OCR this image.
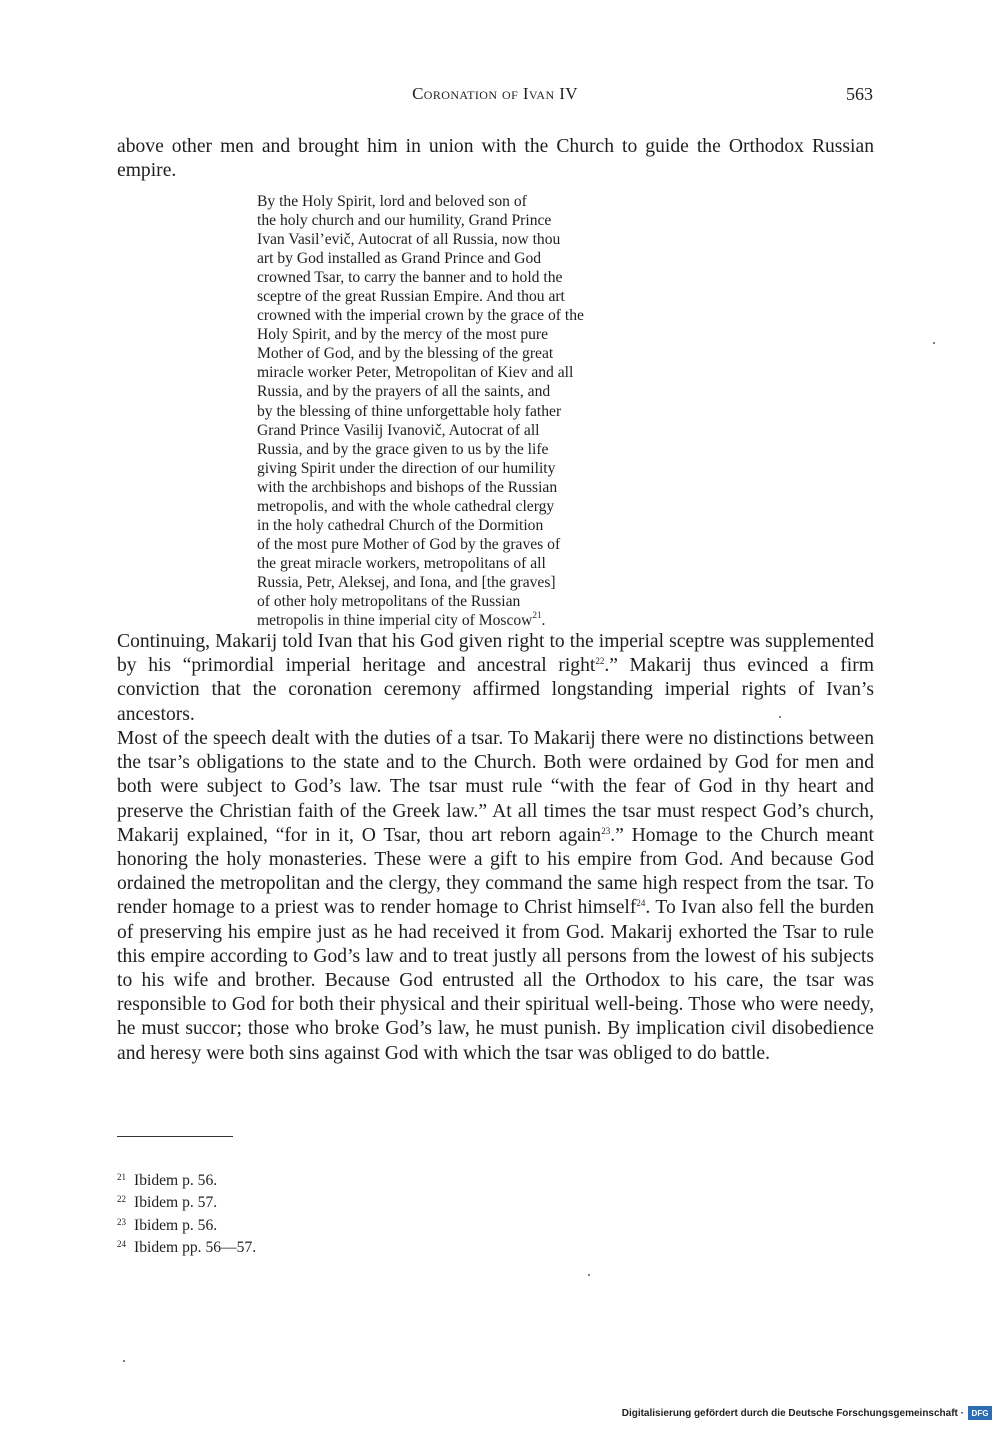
Coronation of Ivan IV	563

above other men and brought him in union with the Church to guide the Orthodox Russian empire.

By the Holy Spirit, lord and beloved son of
the holy church and our humility, Grand Prince
Ivan Vasil’evič, Autocrat of all Russia, now thou
art by God installed as Grand Prince and God
crowned Tsar, to carry the banner and to hold the
sceptre of the great Russian Empire. And thou art
crowned with the imperial crown by the grace of the
Holy Spirit, and by the mercy of the most pure
Mother of God, and by the blessing of the great
miracle worker Peter, Metropolitan of Kiev and all
Russia, and by the prayers of all the saints, and
by the blessing of thine unforgettable holy father
Grand Prince Vasilij Ivanovič, Autocrat of all
Russia, and by the grace given to us by the life
giving Spirit under the direction of our humility
with the archbishops and bishops of the Russian
metropolis, and with the whole cathedral clergy
in the holy cathedral Church of the Dormition
of the most pure Mother of God by the graves of
the great miracle workers, metropolitans of all
Russia, Petr, Aleksej, and Iona, and [the graves]
of other holy metropolitans of the Russian
metropolis in thine imperial city of Moscow$^{21}$.

Continuing, Makarij told Ivan that his God given right to the imperial sceptre was supplemented by his “primordial imperial heritage and ancestral right$^{22}$.” Makarij thus evinced a firm conviction that the coronation ceremony affirmed longstanding imperial rights of Ivan’s ancestors.

Most of the speech dealt with the duties of a tsar. To Makarij there were no distinctions between the tsar’s obligations to the state and to the Church. Both were ordained by God for men and both were subject to God’s law. The tsar must rule “with the fear of God in thy heart and preserve the Christian faith of the Greek law.” At all times the tsar must respect God’s church, Makarij explained, “for in it, O Tsar, thou art reborn again$^{23}$.” Homage to the Church meant honoring the holy monasteries. These were a gift to his empire from God. And because God ordained the metropolitan and the clergy, they command the same high respect from the tsar. To render homage to a priest was to render homage to Christ himself$^{24}$. To Ivan also fell the burden of preserving his empire just as he had received it from God. Makarij exhorted the Tsar to rule this empire according to God’s law and to treat justly all persons from the lowest of his subjects to his wife and brother. Because God entrusted all the Orthodox to his care, the tsar was responsible to God for both their physical and their spiritual well-being. Those who were needy, he must succor; those who broke God’s law, he must punish. By implication civil disobedience and heresy were both sins against God with which the tsar was obliged to do battle.

$^{21}$ Ibidem p. 56.
$^{22}$ Ibidem p. 57.
$^{23}$ Ibidem p. 56.
$^{24}$ Ibidem pp. 56—57.
Digitalisierung gefördert durch die Deutsche Forschungsgemeinschaft · DFG
